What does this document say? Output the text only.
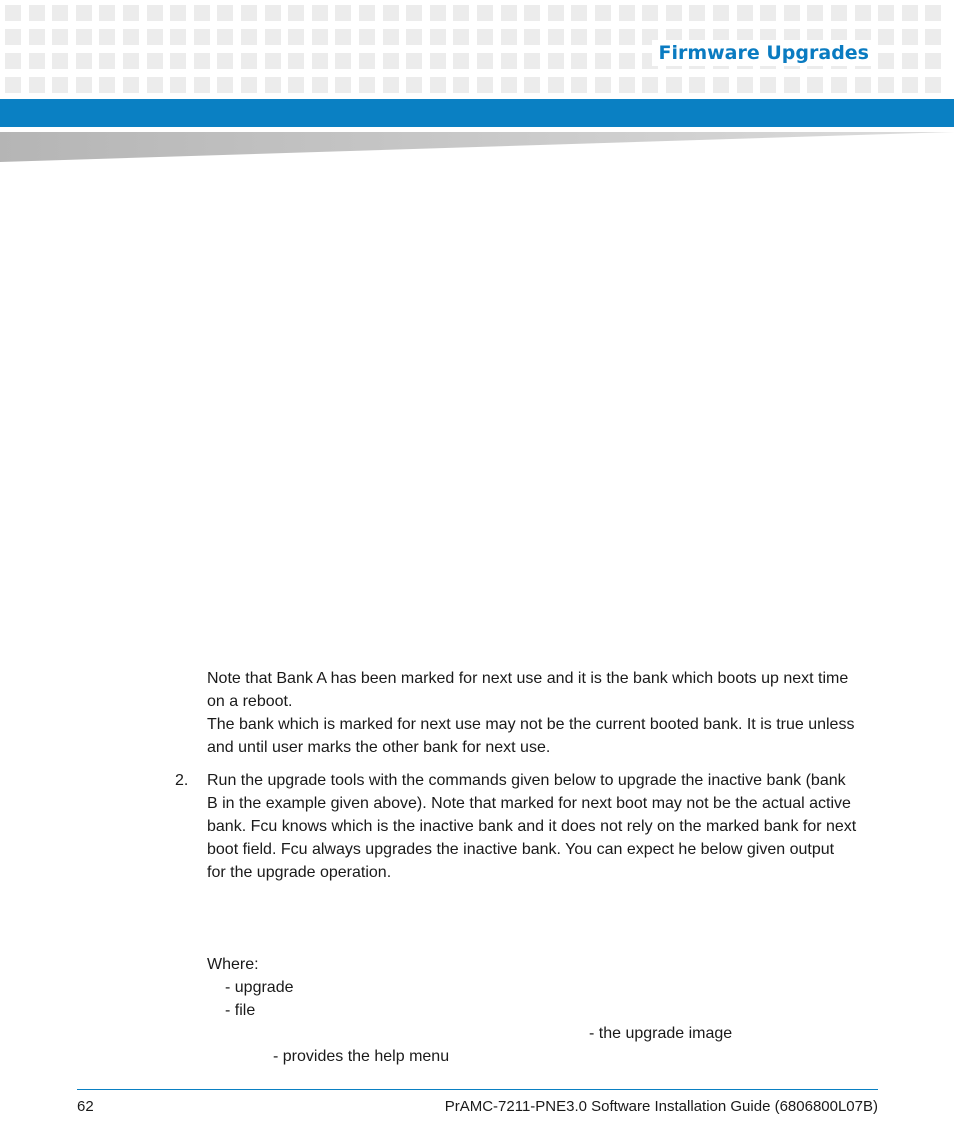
Firmware Upgrades
Note that Bank A has been marked for next use and it is the bank which boots up next time
on a reboot.
The bank which is marked for next use may not be the current booted bank. It is true unless
and until user marks the other bank for next use.
2. Run the upgrade tools with the commands given below to upgrade the inactive bank (bank
B in the example given above). Note that marked for next boot may not be the actual active
bank. Fcu knows which is the inactive bank and it does not rely on the marked bank for next
boot field. Fcu always upgrades the inactive bank. You can expect he below given output
for the upgrade operation.
Where:
- upgrade
- file
- the upgrade image
- provides the help menu
62	PrAMC-7211-PNE3.0 Software Installation Guide (6806800L07B)
